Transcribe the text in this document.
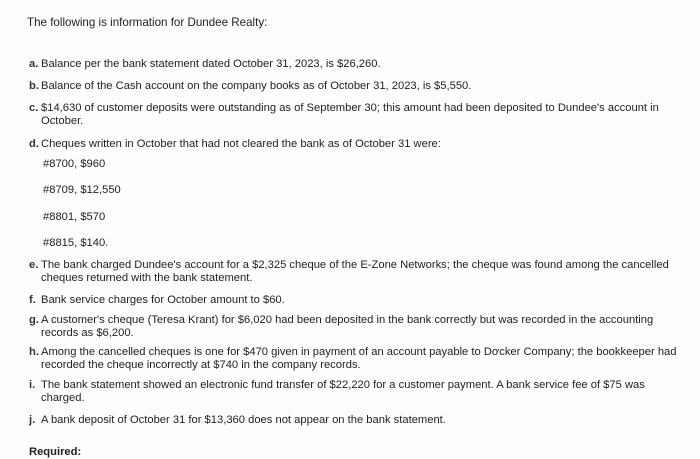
The following is information for Dundee Realty:
a. Balance per the bank statement dated October 31, 2023, is $26,260.
b. Balance of the Cash account on the company books as of October 31, 2023, is $5,550.
c. $14,630 of customer deposits were outstanding as of September 30; this amount had been deposited to Dundee's account in October.
d. Cheques written in October that had not cleared the bank as of October 31 were:
#8700, $960
#8709, $12,550
#8801, $570
#8815, $140.
e. The bank charged Dundee's account for a $2,325 cheque of the E-Zone Networks; the cheque was found among the cancelled cheques returned with the bank statement.
f. Bank service charges for October amount to $60.
g. A customer's cheque (Teresa Krant) for $6,020 had been deposited in the bank correctly but was recorded in the accounting records as $6,200.
h. Among the cancelled cheques is one for $470 given in payment of an account payable to Dơcker Company; the bookkeeper had recorded the cheque incorrectly at $740 in the company records.
i. The bank statement showed an electronic fund transfer of $22,220 for a customer payment. A bank service fee of $75 was charged.
j. A bank deposit of October 31 for $13,360 does not appear on the bank statement.
Required:
